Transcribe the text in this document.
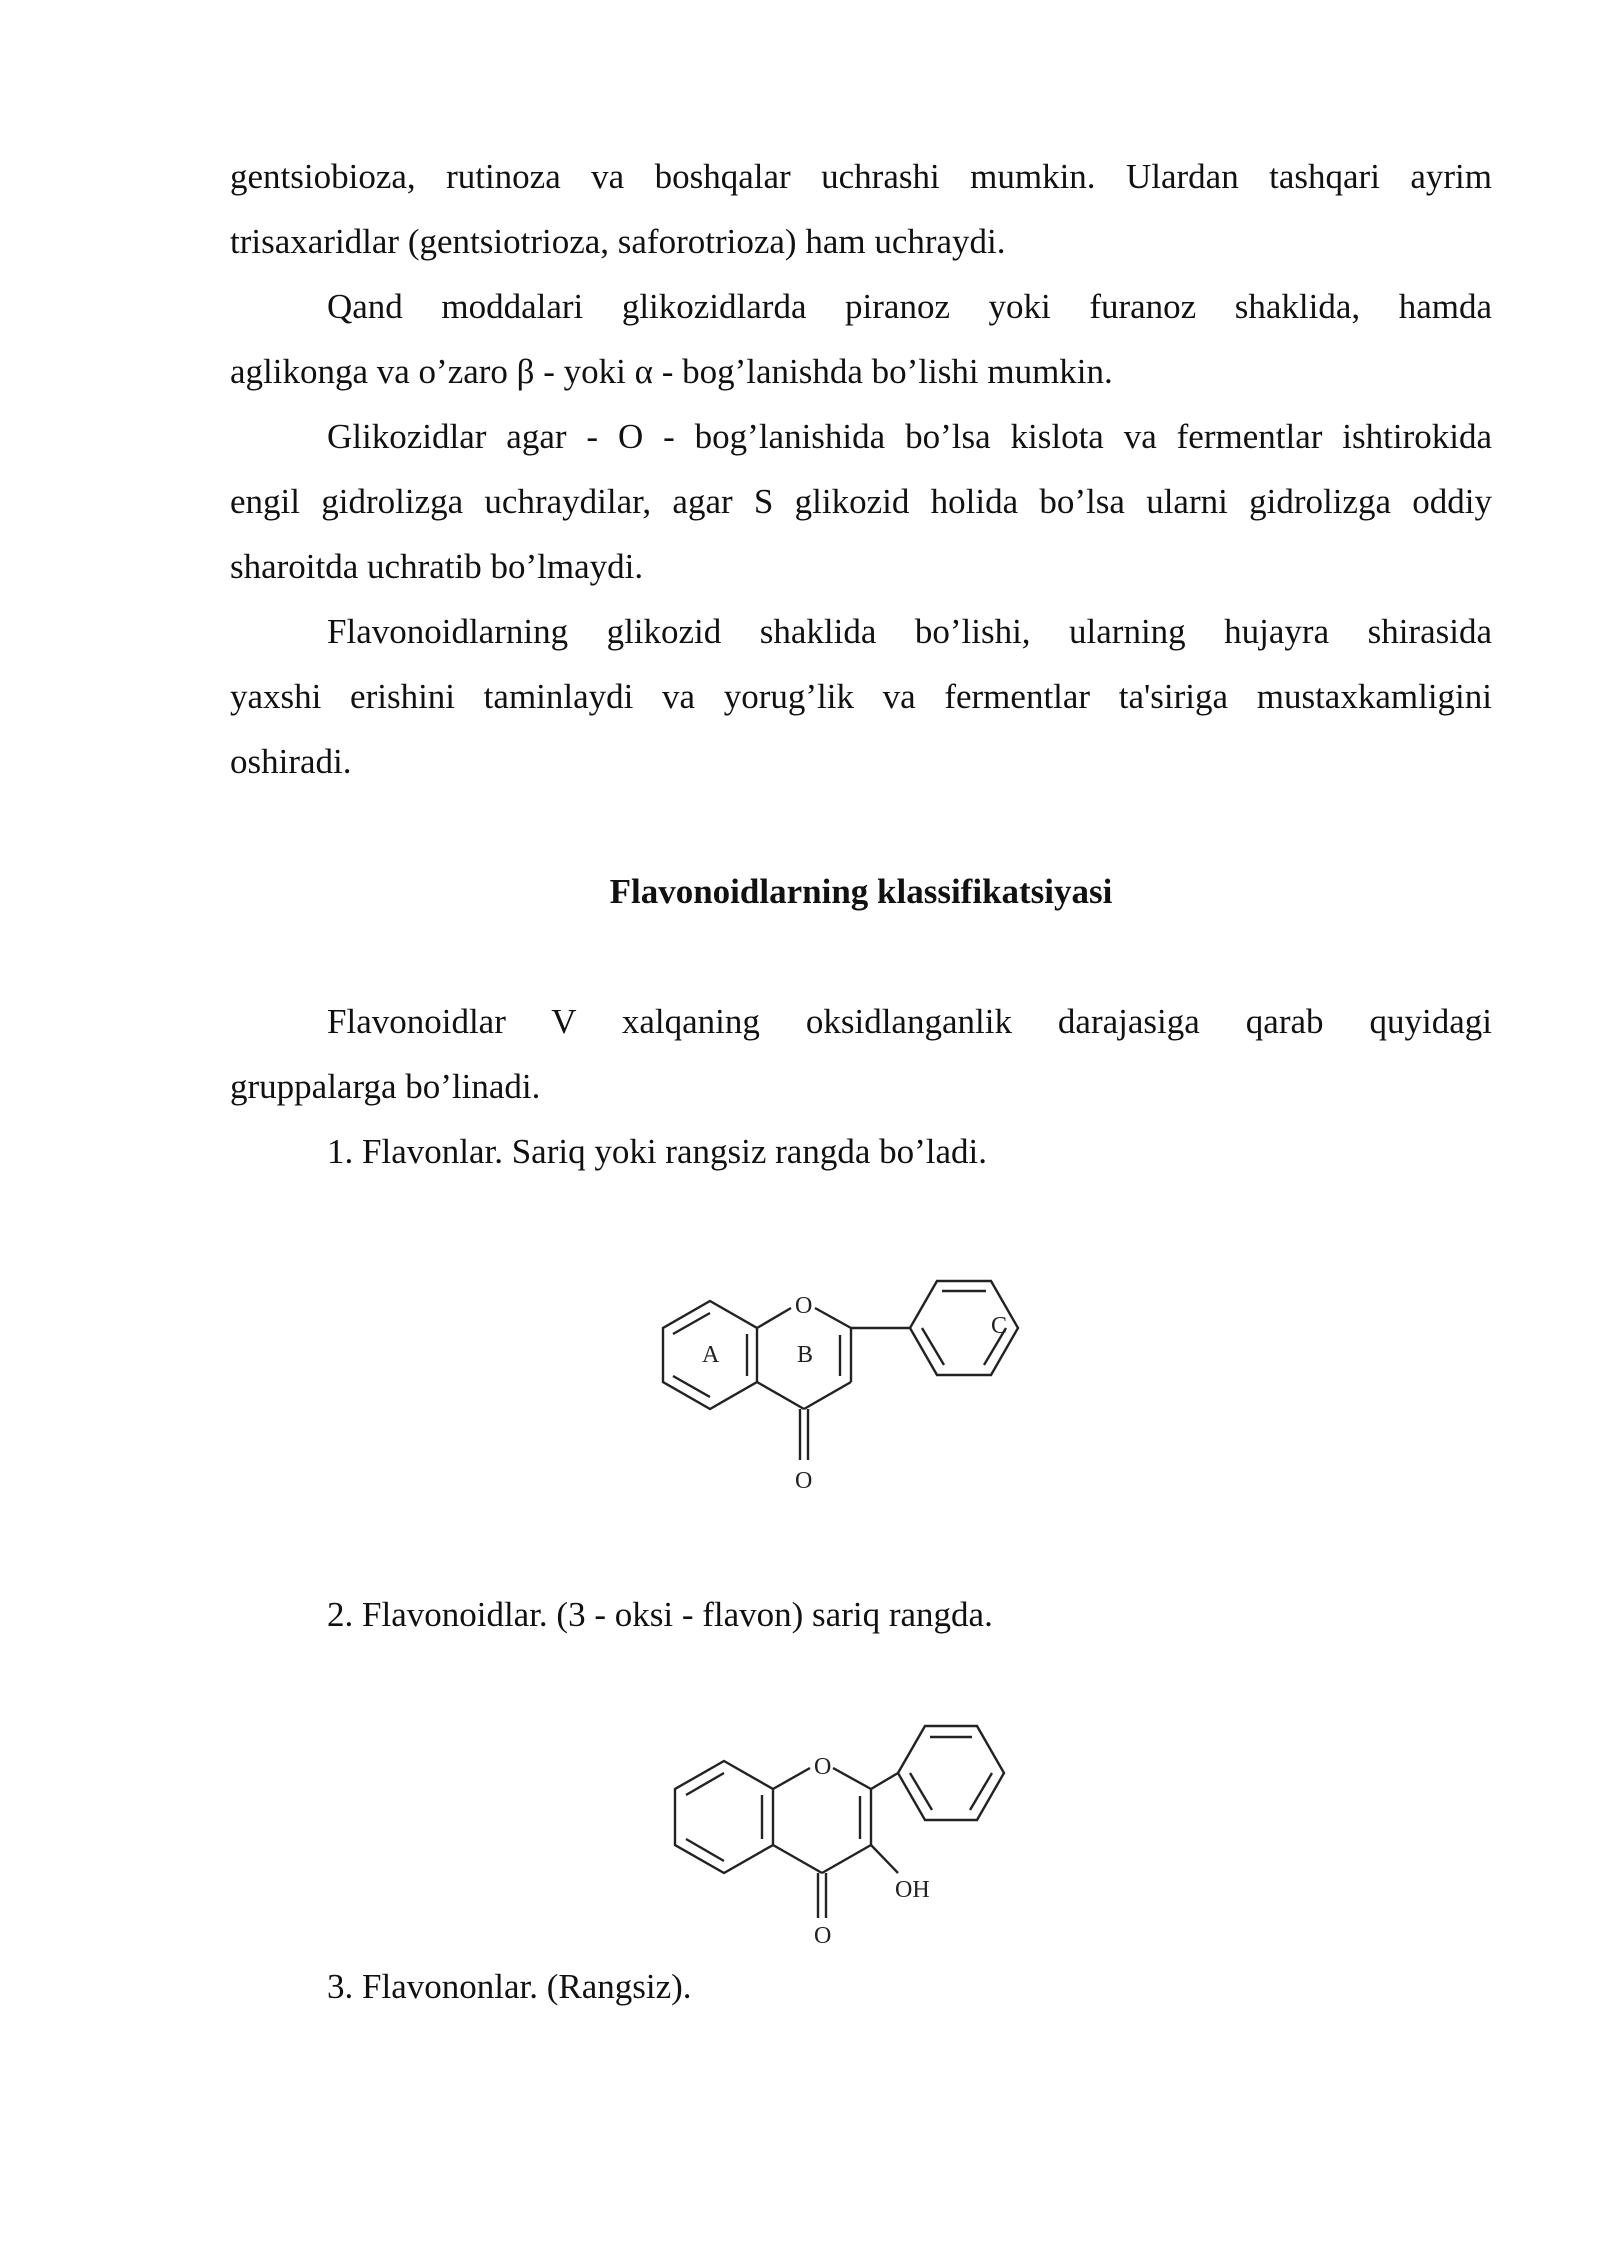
gentsiobioza, rutinoza va boshqalar uchrashi mumkin. Ulardan tashqari ayrim
trisaxaridlar (gentsiotrioza, saforotrioza) ham uchraydi.
Qand moddalari glikozidlarda piranoz yoki furanoz shaklida, hamda
aglikonga va o’zaro β - yoki α - bog’lanishda bo’lishi mumkin.
Glikozidlar agar - O - bog’lanishida bo’lsa kislota va fermentlar ishtirokida
engil gidrolizga uchraydilar, agar S glikozid holida bo’lsa ularni gidrolizga oddiy
sharoitda uchratib bo’lmaydi.
Flavonoidlarning glikozid shaklida bo’lishi, ularning hujayra shirasida
yaxshi erishini taminlaydi va yorug’lik va fermentlar ta'siriga mustaxkamligini
oshiradi.
Flavonoidlarning klassifikatsiyasi
Flavonoidlar V xalqaning oksidlanganlik darajasiga qarab quyidagi
gruppalarga bo’linadi.

1. Flavonlar. Sariq yoki rangsiz rangda bo’ladi.

O
O
A	B
C

2. Flavonoidlar. (3 - oksi - flavon) sariq rangda.

O
O
OH

3. Flavononlar. (Rangsiz).
